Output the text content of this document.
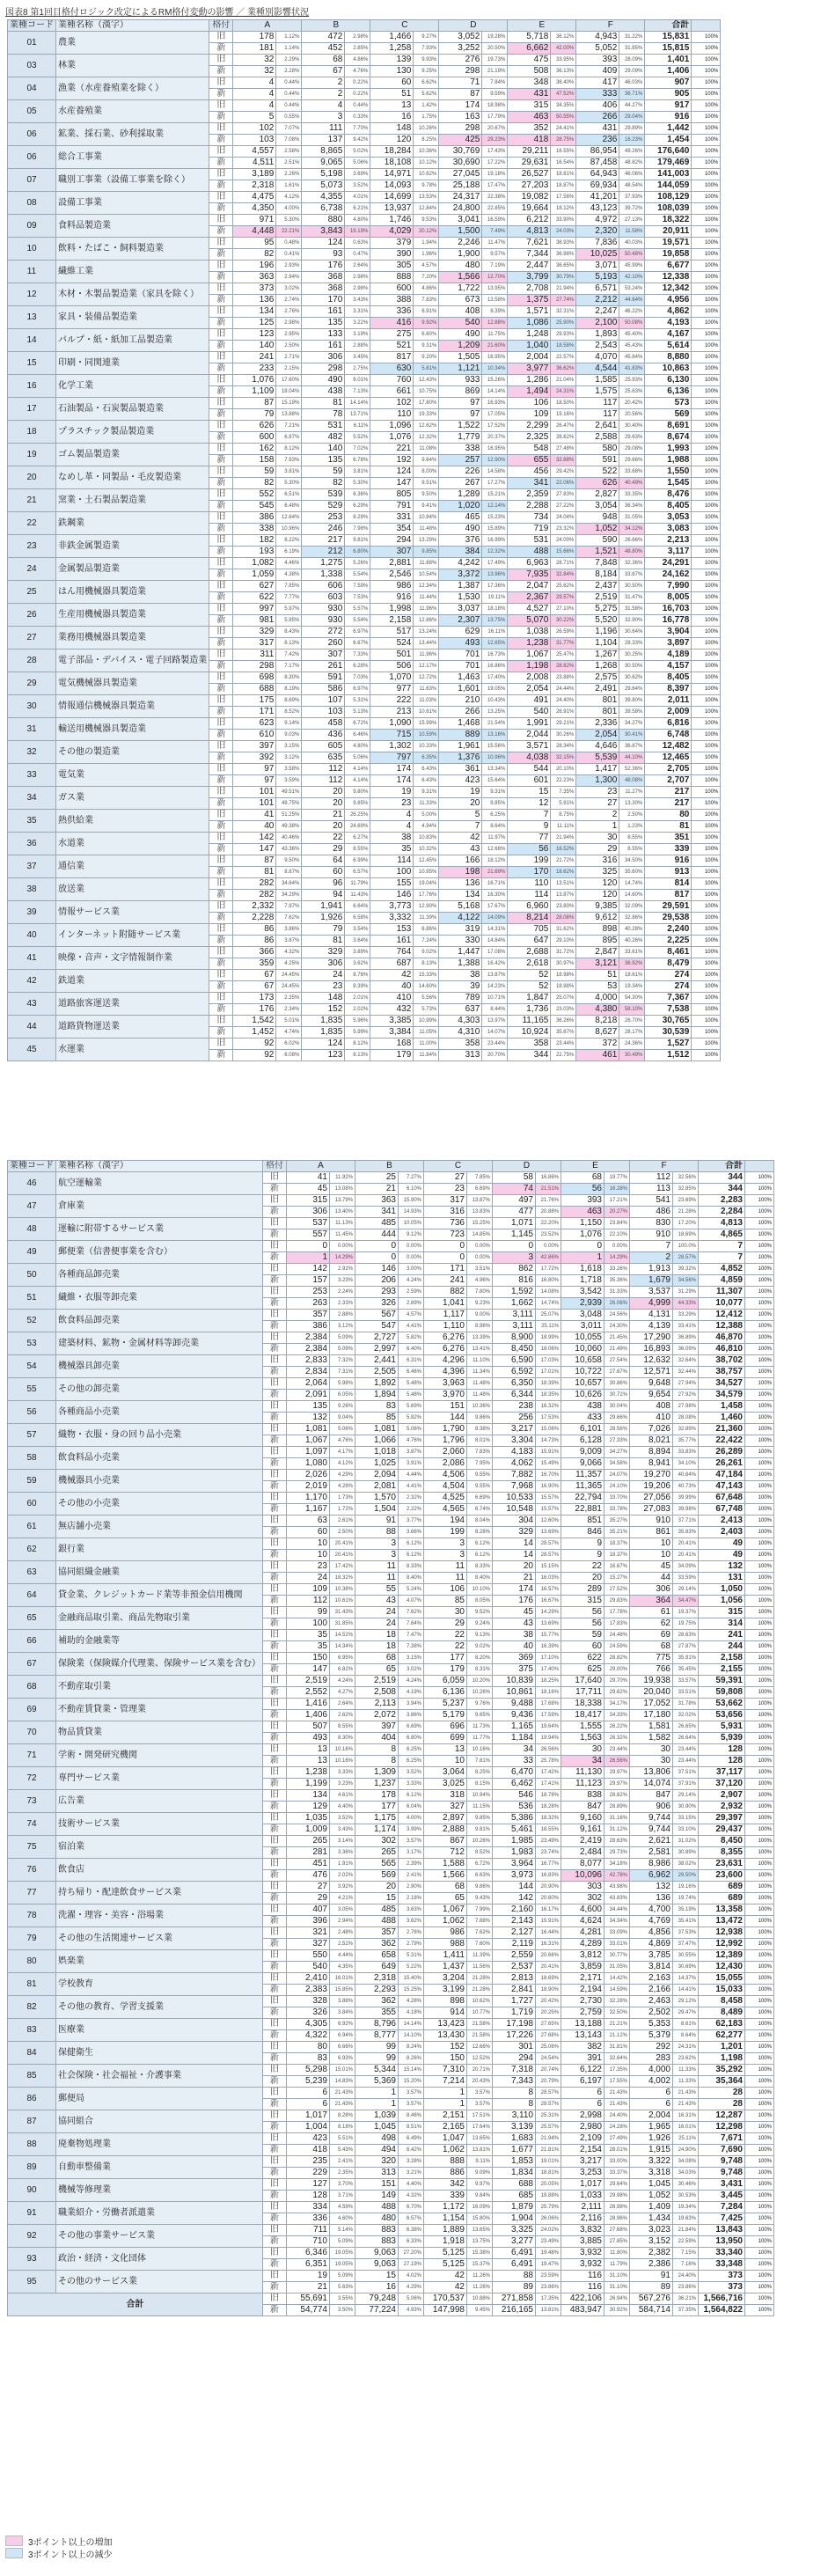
図表8 第1回目格付ロジック改定によるRM格付変動の影響 ／ 業種別影響状況
業種コード	業種名称（漢字）	格付	A		B		C		D		E		F		合計	
01	農業	旧	178	1.12%	472	2.98%	1,466	9.27%	3,052	19.28%	5,718	36.12%	4,943	31.22%	15,831	100%
		新	181	1.14%	452	2.85%	1,258	7.93%	3,252	20.50%	6,662	42.00%	5,052	31.85%	15,815	100%
03	林業	旧	32	2.29%	68	4.86%	139	9.93%	276	19.73%	475	33.95%	393	28.09%	1,401	100%
		新	32	2.28%	67	4.76%	130	9.25%	298	21.19%	508	36.13%	409	29.09%	1,406	100%
04	漁業（水産養殖業を除く）	旧	4	0.44%	2	0.22%	60	6.62%	71	7.84%	348	38.40%	417	46.03%	907	100%
		新	4	0.44%	2	0.22%	51	5.62%	87	9.59%	431	47.52%	333	36.71%	905	100%
05	水産養殖業	旧	4	0.44%	4	0.44%	13	1.42%	174	18.98%	315	34.35%	406	44.27%	917	100%
		新	5	0.55%	3	0.33%	16	1.75%	163	17.79%	463	50.55%	266	29.04%	916	100%
06	鉱業、採石業、砂利採取業	旧	102	7.07%	111	7.70%	148	10.26%	298	20.67%	352	24.41%	431	29.89%	1,442	100%
		新	103	7.08%	137	9.42%	120	8.25%	425	29.23%	418	28.75%	236	16.23%	1,454	100%
06	総合工事業	旧	4,557	2.58%	8,865	5.02%	18,284	10.36%	30,769	17.43%	29,211	16.55%	86,954	49.26%	176,640	100%
		新	4,511	2.51%	9,065	5.06%	18,108	10.12%	30,690	17.22%	29,631	16.54%	87,458	48.82%	179,469	100%
07	職別工事業（設備工事業を除く）	旧	3,189	2.26%	5,198	3.69%	14,971	10.62%	27,045	19.18%	26,527	18.81%	64,943	46.06%	141,003	100%
		新	2,318	1.61%	5,073	3.52%	14,093	9.78%	25,188	17.47%	27,203	18.87%	69,934	48.54%	144,059	100%
08	設備工事業	旧	4,475	4.12%	4,355	4.01%	14,699	13.53%	24,317	22.38%	19,082	17.56%	41,201	37.93%	108,129	100%
		新	4,350	4.00%	6,738	6.21%	13,937	12.84%	24,800	22.85%	19,664	18.12%	43,123	39.72%	108,039	100%
09	食料品製造業	旧	971	5.30%	880	4.80%	1,746	9.53%	3,041	16.59%	6,212	33.90%	4,972	27.13%	18,322	100%
		新	4,448	22.21%	3,843	19.19%	4,029	20.12%	1,500	7.49%	4,813	24.03%	2,320	11.58%	20,911	100%
10	飲料・たばこ・飼料製造業	旧	95	0.48%	124	0.63%	379	1.94%	2,246	11.47%	7,621	38.93%	7,836	40.03%	19,571	100%
		新	82	0.41%	93	0.47%	390	1.96%	1,900	9.57%	7,344	36.98%	10,025	50.48%	19,858	100%
11	繊維工業	旧	196	2.93%	176	2.64%	305	4.57%	480	7.19%	2,447	36.65%	3,071	45.99%	6,677	100%
		新	363	2.94%	368	2.98%	888	7.20%	1,566	12.70%	3,799	30.79%	5,193	42.10%	12,338	100%
12	木材・木製品製造業（家具を除く）	旧	373	3.02%	368	2.98%	600	4.86%	1,722	13.95%	2,708	21.94%	6,571	53.24%	12,342	100%
		新	136	2.74%	170	3.43%	388	7.83%	673	13.58%	1,375	27.74%	2,212	44.64%	4,956	100%
13	家具・装備品製造業	旧	134	2.76%	161	3.31%	336	6.91%	408	8.39%	1,571	32.31%	2,247	46.22%	4,862	100%
		新	125	2.98%	135	3.22%	416	9.92%	540	12.88%	1,086	25.90%	2,100	50.08%	4,193	100%
14	パルプ・紙・紙加工品製造業	旧	123	2.95%	133	3.19%	275	6.60%	490	11.75%	1,248	29.93%	1,893	45.40%	4,167	100%
		新	140	2.50%	161	2.88%	521	9.31%	1,209	21.60%	1,040	18.58%	2,543	45.43%	5,614	100%
15	印刷・同関連業	旧	241	2.71%	306	3.45%	817	9.20%	1,505	16.95%	2,004	22.57%	4,070	45.84%	8,880	100%
		新	233	2.15%	298	2.75%	630	5.81%	1,121	10.34%	3,977	36.62%	4,544	41.83%	10,863	100%
16	化学工業	旧	1,076	17.60%	490	8.01%	760	12.43%	933	15.26%	1,286	21.04%	1,585	25.93%	6,130	100%
		新	1,109	18.04%	438	7.13%	661	10.75%	869	14.14%	1,494	24.31%	1,575	25.63%	6,136	100%
17	石油製品・石炭製品製造業	旧	87	15.19%	81	14.14%	102	17.80%	97	16.93%	106	18.50%	117	20.42%	573	100%
		新	79	13.88%	78	13.71%	110	19.33%	97	17.05%	109	19.16%	117	20.56%	569	100%
18	プラスチック製品製造業	旧	626	7.21%	531	6.11%	1,096	12.62%	1,522	17.52%	2,299	26.47%	2,641	30.40%	8,691	100%
		新	600	6.87%	482	5.52%	1,076	12.32%	1,779	20.37%	2,325	26.62%	2,588	29.63%	8,674	100%
19	ゴム製品製造業	旧	162	8.12%	140	7.02%	221	11.08%	338	16.95%	548	27.48%	580	29.08%	1,993	100%
		新	158	7.93%	135	6.78%	192	9.64%	257	12.90%	655	32.88%	591	29.66%	1,988	100%
20	なめし革・同製品・毛皮製造業	旧	59	3.81%	59	3.81%	124	8.00%	226	14.58%	456	29.42%	522	33.68%	1,550	100%
		新	82	5.30%	82	5.30%	147	9.51%	267	17.27%	341	22.06%	626	40.49%	1,545	100%
21	窯業・土石製品製造業	旧	552	6.51%	539	6.36%	805	9.50%	1,289	15.21%	2,359	27.83%	2,827	33.35%	8,476	100%
		新	545	6.48%	529	6.29%	791	9.41%	1,020	12.14%	2,288	27.22%	3,054	36.34%	8,405	100%
22	鉄鋼業	旧	386	12.64%	253	8.29%	331	10.84%	465	15.23%	734	24.04%	948	31.05%	3,053	100%
		新	338	10.96%	246	7.98%	354	11.48%	490	15.89%	719	23.32%	1,052	34.12%	3,083	100%
23	非鉄金属製造業	旧	182	8.22%	217	9.81%	294	13.29%	376	16.99%	531	24.00%	590	26.66%	2,213	100%
		新	193	6.19%	212	6.80%	307	9.85%	384	12.32%	488	15.66%	1,521	48.80%	3,117	100%
24	金属製品製造業	旧	1,082	4.46%	1,275	5.26%	2,881	11.88%	4,242	17.49%	6,963	28.71%	7,848	32.36%	24,291	100%
		新	1,059	4.38%	1,338	5.54%	2,546	10.54%	3,372	13.96%	7,935	32.84%	8,184	33.87%	24,162	100%
25	はん用機械器具製造業	旧	627	7.85%	606	7.59%	986	12.34%	1,387	17.36%	2,047	25.62%	2,437	30.50%	7,990	100%
		新	622	7.77%	603	7.53%	916	11.44%	1,530	19.11%	2,367	29.57%	2,519	31.47%	8,005	100%
26	生産用機械器具製造業	旧	997	5.97%	930	5.57%	1,998	11.96%	3,037	18.18%	4,527	27.10%	5,275	31.58%	16,703	100%
		新	981	5.85%	930	5.54%	2,158	12.86%	2,307	13.75%	5,070	30.22%	5,520	32.90%	16,778	100%
27	業務用機械器具製造業	旧	329	8.43%	272	6.97%	517	13.24%	629	16.11%	1,038	26.59%	1,196	30.64%	3,904	100%
		新	317	8.13%	260	6.67%	524	13.44%	493	12.65%	1,238	31.77%	1,104	28.33%	3,897	100%
28	電子部品・デバイス・電子回路製造業	旧	311	7.42%	307	7.33%	501	11.96%	701	16.73%	1,067	25.47%	1,267	30.25%	4,189	100%
		新	298	7.17%	261	6.28%	506	12.17%	701	16.86%	1,198	28.82%	1,268	30.50%	4,157	100%
29	電気機械器具製造業	旧	698	8.30%	591	7.03%	1,070	12.72%	1,463	17.40%	2,008	23.88%	2,575	30.62%	8,405	100%
		新	688	8.19%	586	6.97%	977	11.63%	1,601	19.05%	2,054	24.44%	2,491	29.64%	8,397	100%
30	情報通信機械器具製造業	旧	175	8.69%	107	5.31%	222	11.03%	210	10.43%	491	24.40%	801	39.80%	2,011	100%
		新	171	8.52%	103	5.13%	213	10.61%	266	13.25%	540	26.91%	801	39.58%	2,009	100%
31	輸送用機械器具製造業	旧	623	9.14%	458	6.72%	1,090	15.99%	1,468	21.54%	1,991	29.21%	2,336	34.27%	6,816	100%
		新	610	9.03%	436	6.46%	715	10.59%	889	13.16%	2,044	30.26%	2,054	30.41%	6,748	100%
32	その他の製造業	旧	397	3.15%	605	4.80%	1,302	10.33%	1,961	15.56%	3,571	28.34%	4,646	36.87%	12,482	100%
		新	392	3.12%	635	5.06%	797	6.35%	1,376	10.96%	4,038	32.15%	5,539	44.10%	12,465	100%
33	電気業	旧	97	3.58%	112	4.14%	174	6.43%	361	13.34%	544	20.10%	1,417	52.36%	2,705	100%
		新	97	3.59%	112	4.14%	174	6.43%	423	15.64%	601	22.23%	1,300	48.08%	2,707	100%
34	ガス業	旧	101	49.51%	20	9.80%	19	9.31%	19	9.31%	15	7.35%	23	11.27%	217	100%
		新	101	49.75%	20	9.85%	23	11.33%	20	9.85%	12	5.91%	27	13.30%	217	100%
35	熱供給業	旧	41	51.25%	21	26.25%	4	5.00%	5	6.25%	7	8.75%	2	2.50%	80	100%
		新	40	49.38%	20	24.69%	4	4.94%	7	8.64%	9	11.11%	1	1.23%	81	100%
36	水道業	旧	142	40.46%	22	6.27%	38	10.83%	42	11.97%	77	21.94%	30	8.55%	351	100%
		新	147	43.36%	29	8.55%	35	10.32%	43	12.68%	56	16.52%	29	8.55%	339	100%
37	通信業	旧	87	9.50%	64	6.99%	114	12.45%	166	18.12%	199	21.72%	316	34.50%	916	100%
		新	81	8.87%	60	6.57%	100	10.95%	198	21.69%	170	18.62%	325	35.60%	913	100%
38	放送業	旧	282	34.64%	96	11.79%	155	19.04%	136	16.71%	110	13.51%	120	14.74%	814	100%
		新	282	34.29%	94	11.43%	146	17.76%	134	16.30%	114	13.87%	120	14.60%	817	100%
39	情報サービス業	旧	2,332	7.97%	1,941	6.64%	3,773	12.90%	5,168	17.67%	6,960	23.80%	9,385	32.09%	29,591	100%
		新	2,228	7.62%	1,926	6.58%	3,332	11.39%	4,122	14.09%	8,214	28.08%	9,612	32.86%	29,538	100%
40	インターネット附随サービス業	旧	86	3.86%	79	3.54%	153	6.86%	319	14.31%	705	31.62%	898	40.28%	2,240	100%
		新	86	3.87%	81	3.64%	161	7.24%	330	14.84%	647	29.10%	895	40.26%	2,225	100%
41	映像・音声・文字情報制作業	旧	366	4.32%	329	3.89%	764	9.02%	1,447	17.08%	2,688	31.72%	2,847	33.61%	8,461	100%
		新	359	4.25%	306	3.62%	687	8.13%	1,388	16.42%	2,618	30.97%	3,121	36.92%	8,479	100%
42	鉄道業	旧	67	24.45%	24	8.76%	42	15.33%	38	13.87%	52	18.98%	51	18.61%	274	100%
		新	67	24.45%	23	8.39%	40	14.60%	39	14.23%	52	18.98%	53	19.34%	274	100%
43	道路旅客運送業	旧	173	2.35%	148	2.01%	410	5.56%	789	10.71%	1,847	25.07%	4,000	54.30%	7,367	100%
		新	176	2.34%	152	2.02%	432	5.73%	637	8.44%	1,736	23.03%	4,380	58.10%	7,538	100%
44	道路貨物運送業	旧	1,542	5.01%	1,835	5.96%	3,385	10.99%	4,303	13.97%	11,165	36.26%	8,218	26.70%	30,765	100%
		新	1,452	4.74%	1,835	5.99%	3,384	11.05%	4,310	14.07%	10,924	35.67%	8,627	28.17%	30,539	100%
45	水運業	旧	92	6.02%	124	8.12%	168	11.00%	358	23.44%	358	23.44%	372	24.36%	1,527	100%
		新	92	6.08%	123	8.13%	179	11.84%	313	20.70%	344	22.75%	461	30.49%	1,512	100%
業種コード	業種名称（漢字）	格付	A		B		C		D		E		F		合計	
46	航空運輸業	旧	41	11.92%	25	7.27%	27	7.85%	58	16.86%	68	19.77%	112	32.56%	344	100%
		新	45	13.08%	21	6.10%	23	6.69%	74	21.51%	56	16.28%	113	32.85%	344	100%
47	倉庫業	旧	315	13.79%	363	15.90%	317	13.87%	497	21.76%	393	17.21%	541	23.69%	2,283	100%
		新	306	13.40%	341	14.93%	316	13.83%	477	20.88%	463	20.27%	486	21.28%	2,284	100%
48	運輸に附帯するサービス業	旧	537	11.13%	485	10.05%	736	15.25%	1,071	22.20%	1,150	23.84%	830	17.20%	4,813	100%
		新	557	11.45%	444	9.12%	723	14.85%	1,145	23.52%	1,076	22.10%	910	18.69%	4,865	100%
49	郵便業（信書便事業を含む）	旧	0	0.00%	0	0.00%	0	0.00%	0	0.00%	0	0.00%	7	100.0%	7	100%
		新	1	14.29%	0	0.00%	0	0.00%	3	42.86%	1	14.29%	2	28.57%	7	100%
50	各種商品卸売業	旧	142	2.92%	146	3.00%	171	3.51%	862	17.72%	1,618	33.26%	1,913	39.32%	4,852	100%
		新	157	3.23%	206	4.24%	241	4.96%	816	16.80%	1,718	35.36%	1,679	34.56%	4,859	100%
51	繊維・衣服等卸売業	旧	253	2.24%	293	2.59%	882	7.80%	1,592	14.08%	3,542	31.33%	3,537	31.29%	11,307	100%
		新	263	2.33%	326	2.89%	1,041	9.23%	1,662	14.74%	2,939	26.06%	4,999	44.33%	10,077	100%
52	飲食料品卸売業	旧	357	2.88%	567	4.57%	1,117	9.00%	3,111	25.07%	3,048	24.56%	4,131	33.29%	12,412	100%
		新	386	3.12%	547	4.41%	1,110	8.96%	3,111	25.11%	3,011	24.30%	4,139	33.41%	12,388	100%
53	建築材料、鉱物・金属材料等卸売業	旧	2,384	5.09%	2,727	5.82%	6,276	13.39%	8,900	18.99%	10,055	21.45%	17,290	36.89%	46,870	100%
		新	2,384	5.09%	2,997	6.40%	6,276	13.41%	8,450	18.06%	10,060	21.49%	16,893	36.09%	46,810	100%
54	機械器具卸売業	旧	2,833	7.32%	2,441	6.31%	4,296	11.10%	6,590	17.03%	10,658	27.54%	12,632	32.64%	38,702	100%
		新	2,834	7.31%	2,505	6.46%	4,396	11.34%	6,592	17.01%	10,722	27.67%	12,571	32.44%	38,757	100%
55	その他の卸売業	旧	2,064	5.98%	1,892	5.48%	3,963	11.48%	6,350	18.39%	10,657	30.86%	9,648	27.94%	34,527	100%
		新	2,091	6.05%	1,894	5.48%	3,970	11.48%	6,344	18.35%	10,626	30.72%	9,654	27.92%	34,579	100%
56	各種商品小売業	旧	135	9.26%	83	5.69%	151	10.36%	238	16.32%	438	30.04%	408	27.98%	1,458	100%
		新	132	9.04%	85	5.82%	144	9.86%	256	17.53%	433	29.66%	410	28.08%	1,460	100%
57	織物・衣服・身の回り品小売業	旧	1,081	5.06%	1,081	5.06%	1,790	8.38%	3,217	15.06%	6,101	28.56%	7,026	32.89%	21,360	100%
		新	1,067	4.76%	1,066	4.76%	1,796	8.01%	3,304	14.73%	6,128	27.33%	8,021	35.77%	22,422	100%
58	飲食料品小売業	旧	1,097	4.17%	1,018	3.87%	2,060	7.83%	4,183	15.91%	9,009	34.27%	8,894	33.83%	26,289	100%
		新	1,080	4.12%	1,025	3.91%	2,086	7.95%	4,062	15.49%	9,066	34.58%	8,941	34.10%	26,261	100%
59	機械器具小売業	旧	2,026	4.29%	2,094	4.44%	4,506	9.55%	7,882	16.70%	11,357	24.07%	19,270	40.84%	47,184	100%
		新	2,019	4.28%	2,081	4.41%	4,504	9.55%	7,968	16.90%	11,365	24.10%	19,206	40.73%	47,143	100%
60	その他の小売業	旧	1,170	1.73%	1,570	2.32%	4,525	6.69%	10,533	15.57%	22,794	33.70%	27,056	39.99%	67,648	100%
		新	1,167	1.72%	1,504	2.22%	4,565	6.74%	10,548	15.57%	22,881	33.78%	27,083	39.98%	67,748	100%
61	無店舗小売業	旧	63	2.61%	91	3.77%	194	8.04%	304	12.60%	851	35.27%	910	37.71%	2,413	100%
		新	60	2.50%	88	3.66%	199	8.28%	329	13.69%	846	35.21%	861	35.83%	2,403	100%
62	銀行業	旧	10	20.41%	3	6.12%	3	6.12%	14	28.57%	9	18.37%	10	20.41%	49	100%
		新	10	20.41%	3	6.12%	3	6.12%	14	28.57%	9	18.37%	10	20.41%	49	100%
63	協同組織金融業	旧	23	17.42%	11	8.33%	11	8.33%	20	15.15%	22	16.67%	45	34.09%	132	100%
		新	24	18.32%	11	8.40%	11	8.40%	21	16.03%	20	15.27%	44	33.59%	131	100%
64	貸金業、クレジットカード業等非預金信用機関	旧	109	10.38%	55	5.24%	106	10.10%	174	16.57%	289	27.52%	306	29.14%	1,050	100%
		新	112	10.61%	43	4.07%	85	8.05%	176	16.67%	315	29.83%	364	34.47%	1,056	100%
65	金融商品取引業、商品先物取引業	旧	99	31.43%	24	7.62%	30	9.52%	45	14.29%	56	17.78%	61	19.37%	315	100%
		新	100	31.85%	24	7.64%	29	9.24%	43	13.69%	56	17.83%	62	19.75%	314	100%
66	補助的金融業等	旧	35	14.52%	18	7.47%	22	9.13%	38	15.77%	59	24.48%	69	28.63%	241	100%
		新	35	14.34%	18	7.38%	22	9.02%	40	16.39%	60	24.59%	68	27.87%	244	100%
67	保険業（保険媒介代理業、保険サービス業を含む）	旧	150	6.95%	68	3.15%	177	8.20%	369	17.10%	622	28.82%	775	35.91%	2,158	100%
		新	147	6.82%	65	3.02%	179	8.31%	375	17.40%	625	29.00%	766	35.45%	2,155	100%
68	不動産取引業	旧	2,519	4.24%	2,519	4.24%	6,059	10.20%	10,839	18.25%	17,640	29.70%	19,938	33.57%	59,391	100%
		新	2,552	4.27%	2,508	4.19%	6,136	10.26%	10,861	18.16%	17,711	29.62%	20,040	33.51%	59,808	100%
69	不動産賃貸業・管理業	旧	1,416	2.64%	2,113	3.94%	5,237	9.76%	9,488	17.68%	18,338	34.17%	17,052	31.78%	53,662	100%
		新	1,406	2.62%	2,072	3.86%	5,179	9.65%	9,436	17.59%	18,417	34.33%	17,180	32.02%	53,656	100%
70	物品賃貸業	旧	507	8.55%	397	6.69%	696	11.73%	1,165	19.64%	1,555	26.22%	1,581	26.65%	5,931	100%
		新	493	8.30%	404	6.80%	699	11.77%	1,184	19.94%	1,563	26.32%	1,582	26.64%	5,939	100%
71	学術・開発研究機関	旧	13	10.16%	8	6.25%	13	10.16%	34	26.56%	30	23.44%	30	23.44%	128	100%
		新	13	10.16%	8	6.25%	10	7.81%	33	25.78%	34	26.56%	30	23.44%	128	100%
72	専門サービス業	旧	1,238	3.33%	1,309	3.52%	3,064	8.25%	6,470	17.42%	11,130	29.97%	13,806	37.51%	37,117	100%
		新	1,199	3.23%	1,237	3.33%	3,025	8.15%	6,462	17.41%	11,123	29.97%	14,074	37.91%	37,120	100%
73	広告業	旧	134	4.61%	178	6.12%	318	10.94%	546	18.78%	838	28.82%	847	29.14%	2,907	100%
		新	129	4.40%	177	6.04%	327	11.15%	536	18.28%	847	28.89%	906	30.90%	2,932	100%
74	技術サービス業	旧	1,035	3.52%	1,175	4.00%	2,897	9.85%	5,386	18.32%	9,160	31.16%	9,744	33.15%	29,397	100%
		新	1,009	3.43%	1,174	3.99%	2,888	9.81%	5,461	18.55%	9,161	31.12%	9,744	33.10%	29,437	100%
75	宿泊業	旧	265	3.14%	302	3.57%	867	10.26%	1,985	23.49%	2,419	28.63%	2,621	31.02%	8,450	100%
		新	281	3.36%	265	3.17%	712	8.52%	1,983	23.74%	2,484	29.73%	2,581	30.89%	8,355	100%
76	飲食店	旧	451	1.91%	565	2.39%	1,588	6.72%	3,964	16.77%	8,077	34.18%	8,986	38.02%	23,631	100%
		新	476	2.02%	569	2.41%	1,566	6.63%	3,973	16.83%	10,096	42.78%	6,962	29.50%	23,600	100%
77	持ち帰り・配達飲食サービス業	旧	27	3.92%	20	2.90%	68	9.86%	144	20.90%	303	43.98%	132	19.16%	689	100%
		新	29	4.21%	15	2.18%	65	9.43%	142	20.60%	302	43.83%	136	19.74%	689	100%
78	洗濯・理容・美容・浴場業	旧	407	3.05%	485	3.63%	1,067	7.99%	2,160	16.17%	4,600	34.44%	4,700	35.19%	13,358	100%
		新	396	2.94%	488	3.62%	1,062	7.88%	2,143	15.91%	4,624	34.34%	4,769	35.41%	13,472	100%
79	その他の生活関連サービス業	旧	321	2.48%	357	2.76%	986	7.62%	2,127	16.44%	4,281	33.09%	4,856	37.53%	12,938	100%
		新	327	2.52%	362	2.79%	988	7.60%	2,119	16.31%	4,289	33.01%	4,869	37.47%	12,992	100%
80	娯楽業	旧	550	4.44%	658	5.31%	1,411	11.39%	2,559	20.66%	3,812	30.77%	3,785	30.55%	12,389	100%
		新	540	4.35%	649	5.22%	1,437	11.56%	2,537	20.41%	3,859	31.05%	3,814	30.69%	12,430	100%
81	学校教育	旧	2,410	16.01%	2,318	15.40%	3,204	21.28%	2,813	18.69%	2,171	14.42%	2,163	14.37%	15,055	100%
		新	2,383	15.85%	2,293	15.25%	3,199	21.28%	2,841	18.90%	2,194	14.59%	2,166	14.41%	15,033	100%
82	その他の教育、学習支援業	旧	328	3.88%	362	4.28%	898	10.62%	1,727	20.42%	2,730	32.28%	2,463	29.12%	8,458	100%
		新	326	3.84%	355	4.18%	914	10.77%	1,719	20.25%	2,759	32.50%	2,502	29.47%	8,489	100%
83	医療業	旧	4,305	6.92%	8,796	14.14%	13,423	21.58%	17,198	27.65%	13,188	21.21%	5,353	8.61%	62,183	100%
		新	4,322	6.94%	8,777	14.10%	13,430	21.58%	17,226	27.68%	13,143	21.12%	5,379	8.64%	62,277	100%
84	保健衛生	旧	80	6.66%	99	8.24%	152	12.66%	301	25.06%	382	31.81%	292	24.31%	1,201	100%
		新	83	6.93%	99	8.26%	150	12.52%	294	24.54%	391	32.64%	283	23.62%	1,198	100%
85	社会保険・社会福祉・介護事業	旧	5,298	15.01%	5,344	15.14%	7,310	20.71%	7,318	20.74%	6,122	17.35%	4,000	11.33%	35,292	100%
		新	5,239	14.83%	5,369	15.20%	7,214	20.43%	7,343	20.79%	6,197	17.55%	4,002	11.33%	35,364	100%
86	郵便局	旧	6	21.43%	1	3.57%	1	3.57%	8	28.57%	6	21.43%	6	21.43%	28	100%
		新	6	21.43%	1	3.57%	1	3.57%	8	28.57%	6	21.43%	6	21.43%	28	100%
87	協同組合	旧	1,017	8.28%	1,039	8.46%	2,151	17.51%	3,110	25.31%	2,998	24.40%	2,004	16.31%	12,287	100%
		新	1,004	8.18%	1,045	8.51%	2,165	17.64%	3,139	25.57%	2,980	24.28%	1,965	16.01%	12,298	100%
88	廃棄物処理業	旧	423	5.51%	498	6.49%	1,047	13.65%	1,683	21.94%	2,109	27.49%	1,926	25.11%	7,671	100%
		新	418	5.43%	494	6.42%	1,062	13.81%	1,677	21.81%	2,154	28.01%	1,915	24.90%	7,690	100%
89	自動車整備業	旧	235	2.41%	320	3.28%	888	9.11%	1,853	19.01%	3,217	33.00%	3,322	34.08%	9,748	100%
		新	229	2.35%	313	3.21%	886	9.09%	1,834	18.81%	3,253	33.37%	3,318	34.03%	9,748	100%
90	機械等修理業	旧	127	3.70%	151	4.40%	342	9.97%	688	20.05%	1,017	29.64%	1,045	30.46%	3,431	100%
		新	128	3.71%	149	4.32%	339	9.84%	685	19.88%	1,033	29.98%	1,052	30.53%	3,445	100%
91	職業紹介・労働者派遣業	旧	334	4.59%	488	6.70%	1,172	16.09%	1,879	25.79%	2,111	28.98%	1,409	19.34%	7,284	100%
		新	336	4.60%	480	6.57%	1,154	15.80%	1,904	26.06%	2,116	28.96%	1,434	19.63%	7,425	100%
92	その他の事業サービス業	旧	711	5.14%	883	6.38%	1,889	13.65%	3,325	24.02%	3,832	27.68%	3,023	21.84%	13,843	100%
		新	710	5.09%	883	6.33%	1,918	13.75%	3,277	23.49%	3,885	27.85%	3,152	22.59%	13,950	100%
93	政治・経済・文化団体	旧	6,346	19.05%	9,063	27.20%	5,125	15.38%	6,491	19.48%	3,932	11.80%	2,382	7.15%	33,340	100%
		新	6,351	19.05%	9,063	27.19%	5,125	15.37%	6,491	19.47%	3,932	11.79%	2,386	7.16%	33,348	100%
95	その他のサービス業	旧	19	5.09%	15	4.02%	42	11.26%	88	23.59%	116	31.10%	91	24.40%	373	100%
		新	21	5.63%	16	4.29%	42	11.26%	89	23.86%	116	31.10%	89	23.86%	373	100%
合計		旧	55,691	3.55%	79,248	5.06%	170,537	10.88%	271,858	17.35%	422,106	26.94%	567,276	36.21%	1,566,716	100%
		新	54,774	3.50%	77,224	4.93%	147,998	9.45%	216,165	13.81%	483,947	30.92%	584,714	37.35%	1,564,822	100%
3ポイント以上の増加
3ポイント以上の減少
